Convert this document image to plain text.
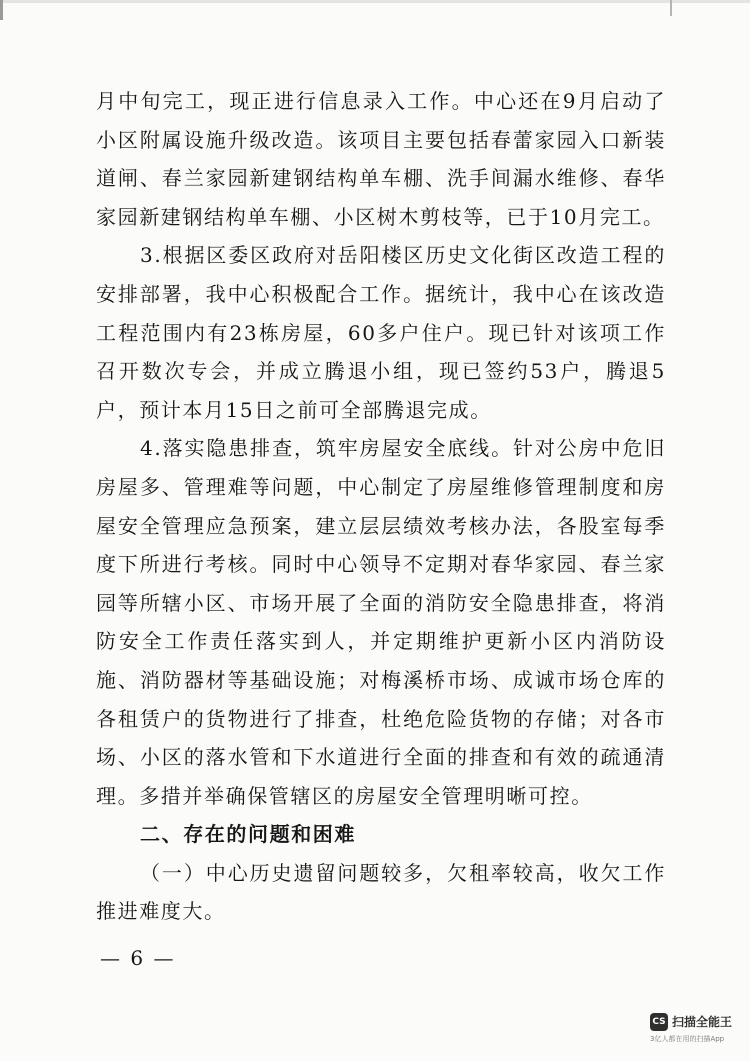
月中旬完工，现正进行信息录入工作。中心还在9月启动了小区附属设施升级改造。该项目主要包括春蕾家园入口新装道闸、春兰家园新建钢结构单车棚、洗手间漏水维修、春华家园新建钢结构单车棚、小区树木剪枝等，已于10月完工。

3.根据区委区政府对岳阳楼区历史文化街区改造工程的安排部署，我中心积极配合工作。据统计，我中心在该改造工程范围内有23栋房屋，60多户住户。现已针对该项工作召开数次专会，并成立腾退小组，现已签约53户，腾退5户，预计本月15日之前可全部腾退完成。

4.落实隐患排查，筑牢房屋安全底线。针对公房中危旧房屋多、管理难等问题，中心制定了房屋维修管理制度和房屋安全管理应急预案，建立层层绩效考核办法，各股室每季度下所进行考核。同时中心领导不定期对春华家园、春兰家园等所辖小区、市场开展了全面的消防安全隐患排查，将消防安全工作责任落实到人，并定期维护更新小区内消防设施、消防器材等基础设施；对梅溪桥市场、成诚市场仓库的各租赁户的货物进行了排查，杜绝危险货物的存储；对各市场、小区的落水管和下水道进行全面的排查和有效的疏通清理。多措并举确保管辖区的房屋安全管理明晰可控。

二、存在的问题和困难

（一）中心历史遗留问题较多，欠租率较高，收欠工作推进难度大。

— 6 —
CS 扫描全能王
3亿人都在用的扫描App
